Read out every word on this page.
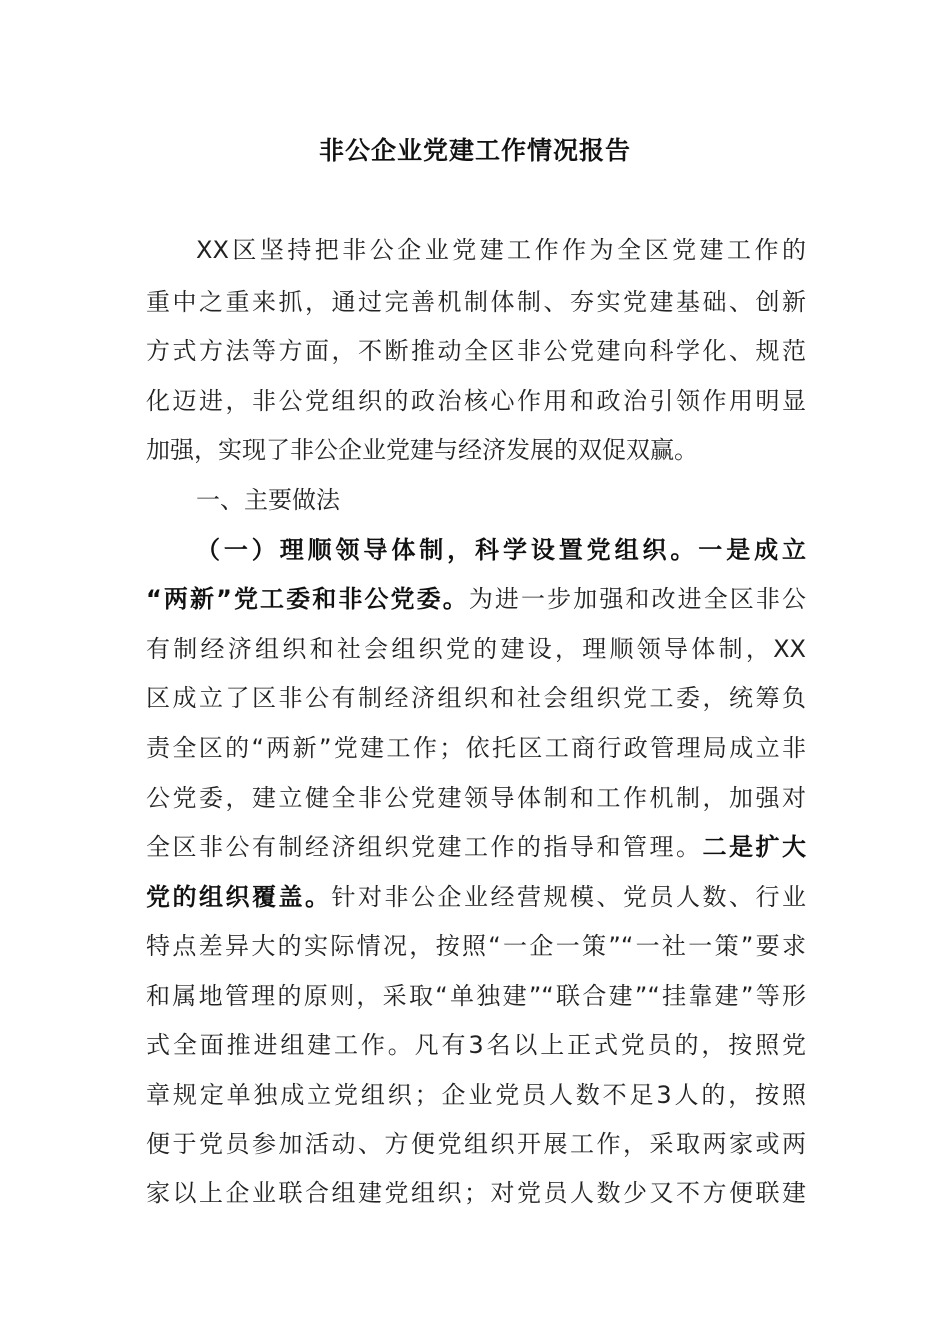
非公企业党建工作情况报告
XX区坚持把非公企业党建工作作为全区党建工作的
重中之重来抓，通过完善机制体制、夯实党建基础、创新
方式方法等方面，不断推动全区非公党建向科学化、规范
化迈进，非公党组织的政治核心作用和政治引领作用明显
加强，实现了非公企业党建与经济发展的双促双赢。
一、主要做法
（一）理顺领导体制，科学设置党组织。一是成立
“两新”党工委和非公党委。为进一步加强和改进全区非公
有制经济组织和社会组织党的建设，理顺领导体制，XX
区成立了区非公有制经济组织和社会组织党工委，统筹负
责全区的“两新”党建工作；依托区工商行政管理局成立非
公党委，建立健全非公党建领导体制和工作机制，加强对
全区非公有制经济组织党建工作的指导和管理。二是扩大
党的组织覆盖。针对非公企业经营规模、党员人数、行业
特点差异大的实际情况，按照“一企一策”“一社一策”要求
和属地管理的原则，采取“单独建”“联合建”“挂靠建”等形
式全面推进组建工作。凡有3名以上正式党员的，按照党
章规定单独成立党组织；企业党员人数不足3人的，按照
便于党员参加活动、方便党组织开展工作，采取两家或两
家以上企业联合组建党组织；对党员人数少又不方便联建
